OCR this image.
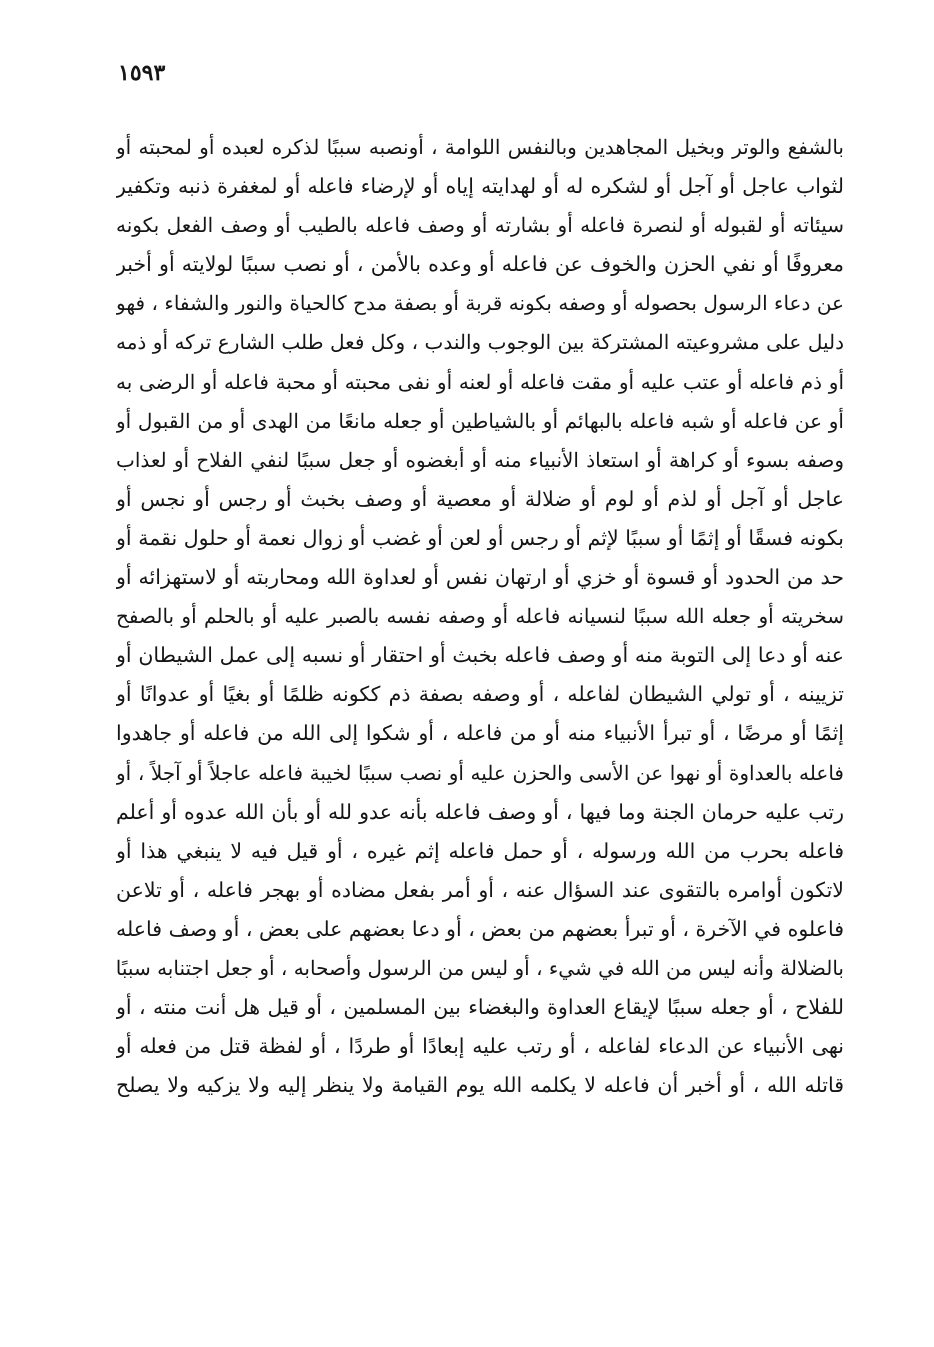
١٥٩٣
بالشفع والوتر وبخيل المجاهدين وبالنفس اللوامة ، أونصبه سببًا لذكره لعبده أو لمحبته أو
لثواب عاجل أو آجل أو لشكره له أو لهدايته إياه أو لإرضاء فاعله أو لمغفرة ذنبه وتكفير
سيئاته أو لقبوله أو لنصرة فاعله أو بشارته أو وصف فاعله بالطيب أو وصف الفعل بكونه
معروفًا أو نفي الحزن والخوف عن فاعله أو وعده بالأمن ، أو نصب سببًا لولايته أو أخبر
عن دعاء الرسول بحصوله أو وصفه بكونه قربة أو بصفة مدح كالحياة والنور والشفاء ، فهو
دليل على مشروعيته المشتركة بين الوجوب والندب ، وكل فعل طلب الشارع تركه أو ذمه
أو ذم فاعله أو عتب عليه أو مقت فاعله أو لعنه أو نفى محبته أو محبة فاعله أو الرضى به
أو عن فاعله أو شبه فاعله بالبهائم أو بالشياطين أو جعله مانعًا من الهدى أو من القبول أو
وصفه بسوء أو كراهة أو استعاذ الأنبياء منه أو أبغضوه أو جعل سببًا لنفي الفلاح أو لعذاب
عاجل أو آجل أو لذم أو لوم أو ضلالة أو معصية أو وصف بخبث أو رجس أو نجس أو
بكونه فسقًا أو إثمًا أو سببًا لإثم أو رجس أو لعن أو غضب أو زوال نعمة أو حلول نقمة أو
حد من الحدود أو قسوة أو خزي أو ارتهان نفس أو لعداوة الله ومحاربته أو لاستهزائه أو
سخريته أو جعله الله سببًا لنسيانه فاعله أو وصفه نفسه بالصبر عليه أو بالحلم أو بالصفح
عنه أو دعا إلى التوبة منه أو وصف فاعله بخبث أو احتقار أو نسبه إلى عمل الشيطان أو
تزيينه ، أو تولي الشيطان لفاعله ، أو وصفه بصفة ذم ككونه ظلمًا أو بغيًا أو عدوانًا أو
إثمًا أو مرضًا ، أو تبرأ الأنبياء منه أو من فاعله ، أو شكوا إلى الله من فاعله أو جاهدوا
فاعله بالعداوة أو نهوا عن الأسى والحزن عليه أو نصب سببًا لخيبة فاعله عاجلاً أو آجلاً ، أو
رتب عليه حرمان الجنة وما فيها ، أو وصف فاعله بأنه عدو لله أو بأن الله عدوه أو أعلم
فاعله بحرب من الله ورسوله ، أو حمل فاعله إثم غيره ، أو قيل فيه لا ينبغي هذا أو
لاتكون أوامره بالتقوى عند السؤال عنه ، أو أمر بفعل مضاده أو بهجر فاعله ، أو تلاعن
فاعلوه في الآخرة ، أو تبرأ بعضهم من بعض ، أو دعا بعضهم على بعض ، أو وصف فاعله
بالضلالة وأنه ليس من الله في شيء ، أو ليس من الرسول وأصحابه ، أو جعل اجتنابه سببًا
للفلاح ، أو جعله سببًا لإيقاع العداوة والبغضاء بين المسلمين ، أو قيل هل أنت منته ، أو
نهى الأنبياء عن الدعاء لفاعله ، أو رتب عليه إبعادًا أو طردًا ، أو لفظة قتل من فعله أو
قاتله الله ، أو أخبر أن فاعله لا يكلمه الله يوم القيامة ولا ينظر إليه ولا يزكيه ولا يصلح
